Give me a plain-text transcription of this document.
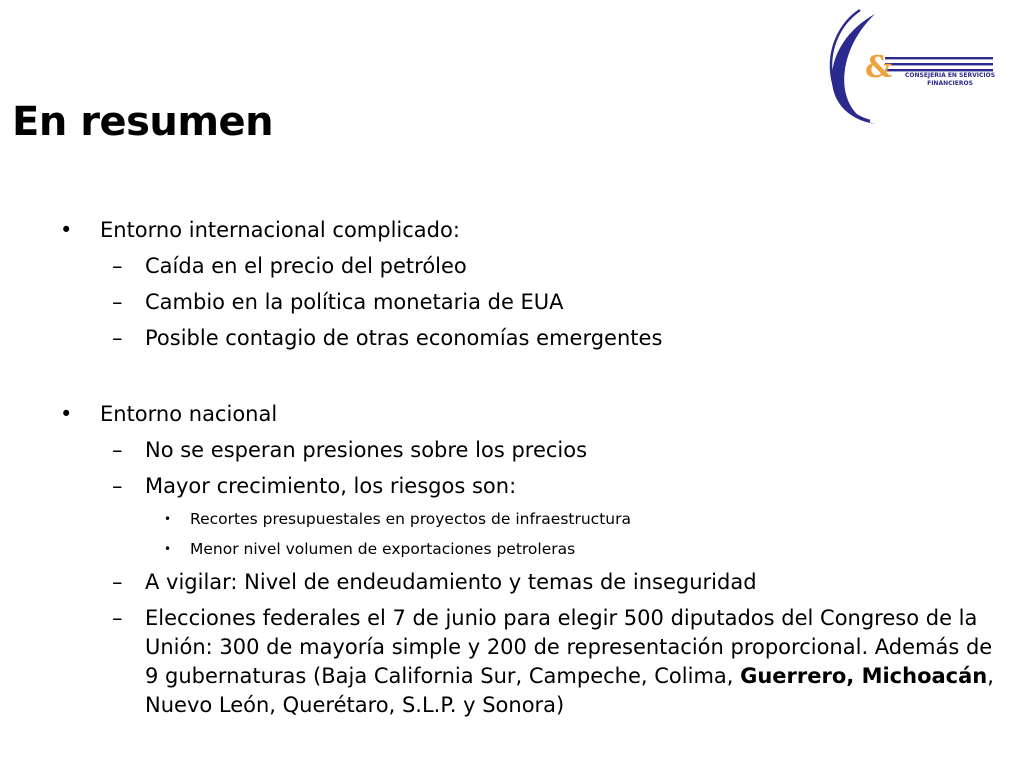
En resumen
&	CONSEJERIA EN SERVICIOS
FINANCIEROS

• Entorno internacional complicado:

– Caída en el precio del petróleo

– Cambio en la política monetaria de EUA

– Posible contagio de otras economías emergentes

• Entorno nacional

– No se esperan presiones sobre los precios

– Mayor crecimiento, los riesgos son:

• Recortes presupuestales en proyectos de infraestructura

• Menor nivel volumen de exportaciones petroleras

– A vigilar: Nivel de endeudamiento y temas de inseguridad

– Elecciones federales el 7 de junio para elegir 500 diputados del Congreso de la Unión: 300 de mayoría simple y 200 de representación proporcional. Además de 9 gubernaturas (Baja California Sur, Campeche, Colima, Guerrero, Michoacán, Nuevo León, Querétaro, S.L.P. y Sonora)
